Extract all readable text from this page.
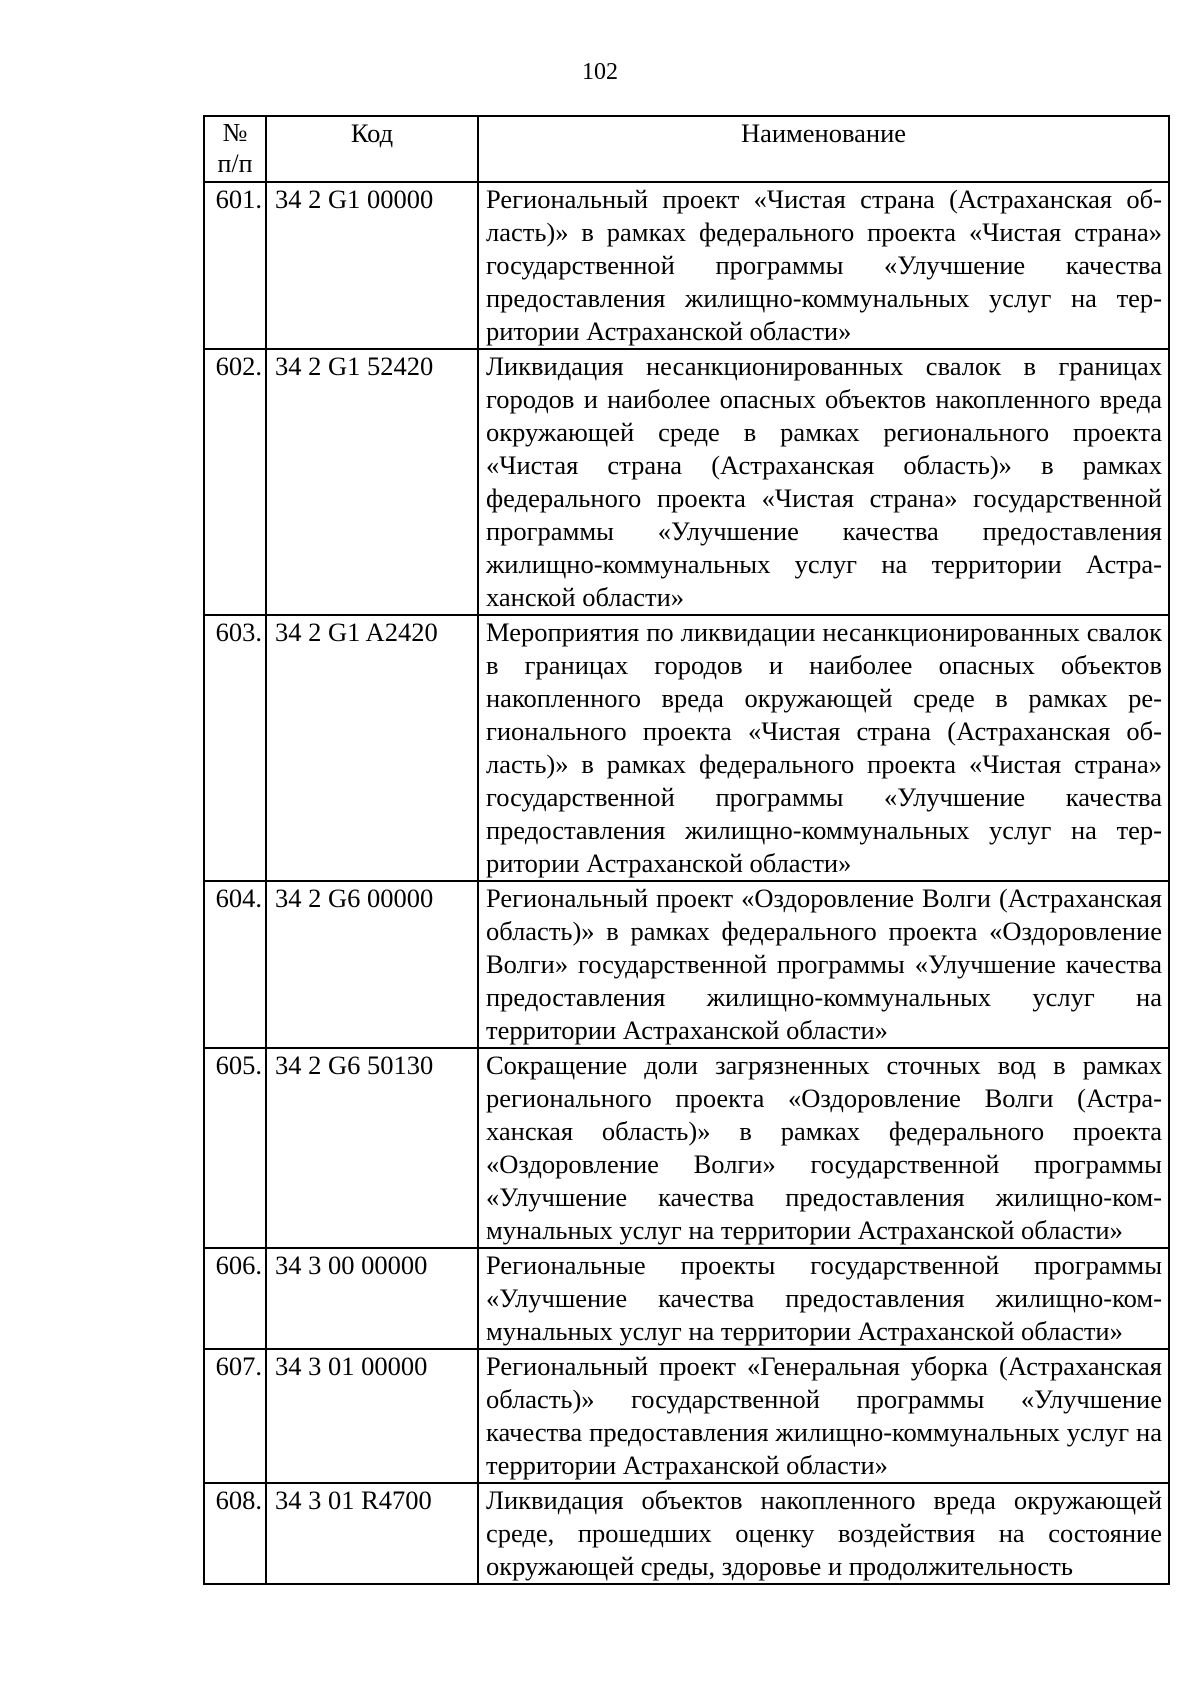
102
№
п/п	Код	Наименование
601.	34 2 G1 00000	Региональный проект «Чистая страна (Астраханская область)» в рамках федерального проекта «Чистая страна» государственной программы «Улучшение качества предоставления жилищно-коммунальных услуг на территории Астраханской области»
602.	34 2 G1 52420	Ликвидация несанкционированных свалок в границах городов и наиболее опасных объектов накопленного вреда окружающей среде в рамках регионального проекта «Чистая страна (Астраханская область)» в рамках федерального проекта «Чистая страна» государственной программы «Улучшение качества предоставления жилищно-коммунальных услуг на территории Астраханской области»
603.	34 2 G1 A2420	Мероприятия по ликвидации несанкционированных свалок в границах городов и наиболее опасных объектов накопленного вреда окружающей среде в рамках регионального проекта «Чистая страна (Астраханская область)» в рамках федерального проекта «Чистая страна» государственной программы «Улучшение качества предоставления жилищно-коммунальных услуг на территории Астраханской области»
604.	34 2 G6 00000	Региональный проект «Оздоровление Волги (Астраханская область)» в рамках федерального проекта «Оздоровление Волги» государственной программы «Улучшение качества предоставления жилищно-коммунальных услуг на территории Астраханской области»
605.	34 2 G6 50130	Сокращение доли загрязненных сточных вод в рамках регионального проекта «Оздоровление Волги (Астраханская область)» в рамках федерального проекта «Оздоровление Волги» государственной программы «Улучшение качества предоставления жилищно-коммунальных услуг на территории Астраханской области»
606.	34 3 00 00000	Региональные проекты государственной программы «Улучшение качества предоставления жилищно-коммунальных услуг на территории Астраханской области»
607.	34 3 01 00000	Региональный проект «Генеральная уборка (Астраханская область)» государственной программы «Улучшение качества предоставления жилищно-коммунальных услуг на территории Астраханской области»
608.	34 3 01 R4700	Ликвидация объектов накопленного вреда окружающей среде, прошедших оценку воздействия на состояние окружающей среды, здоровье и продолжительность
